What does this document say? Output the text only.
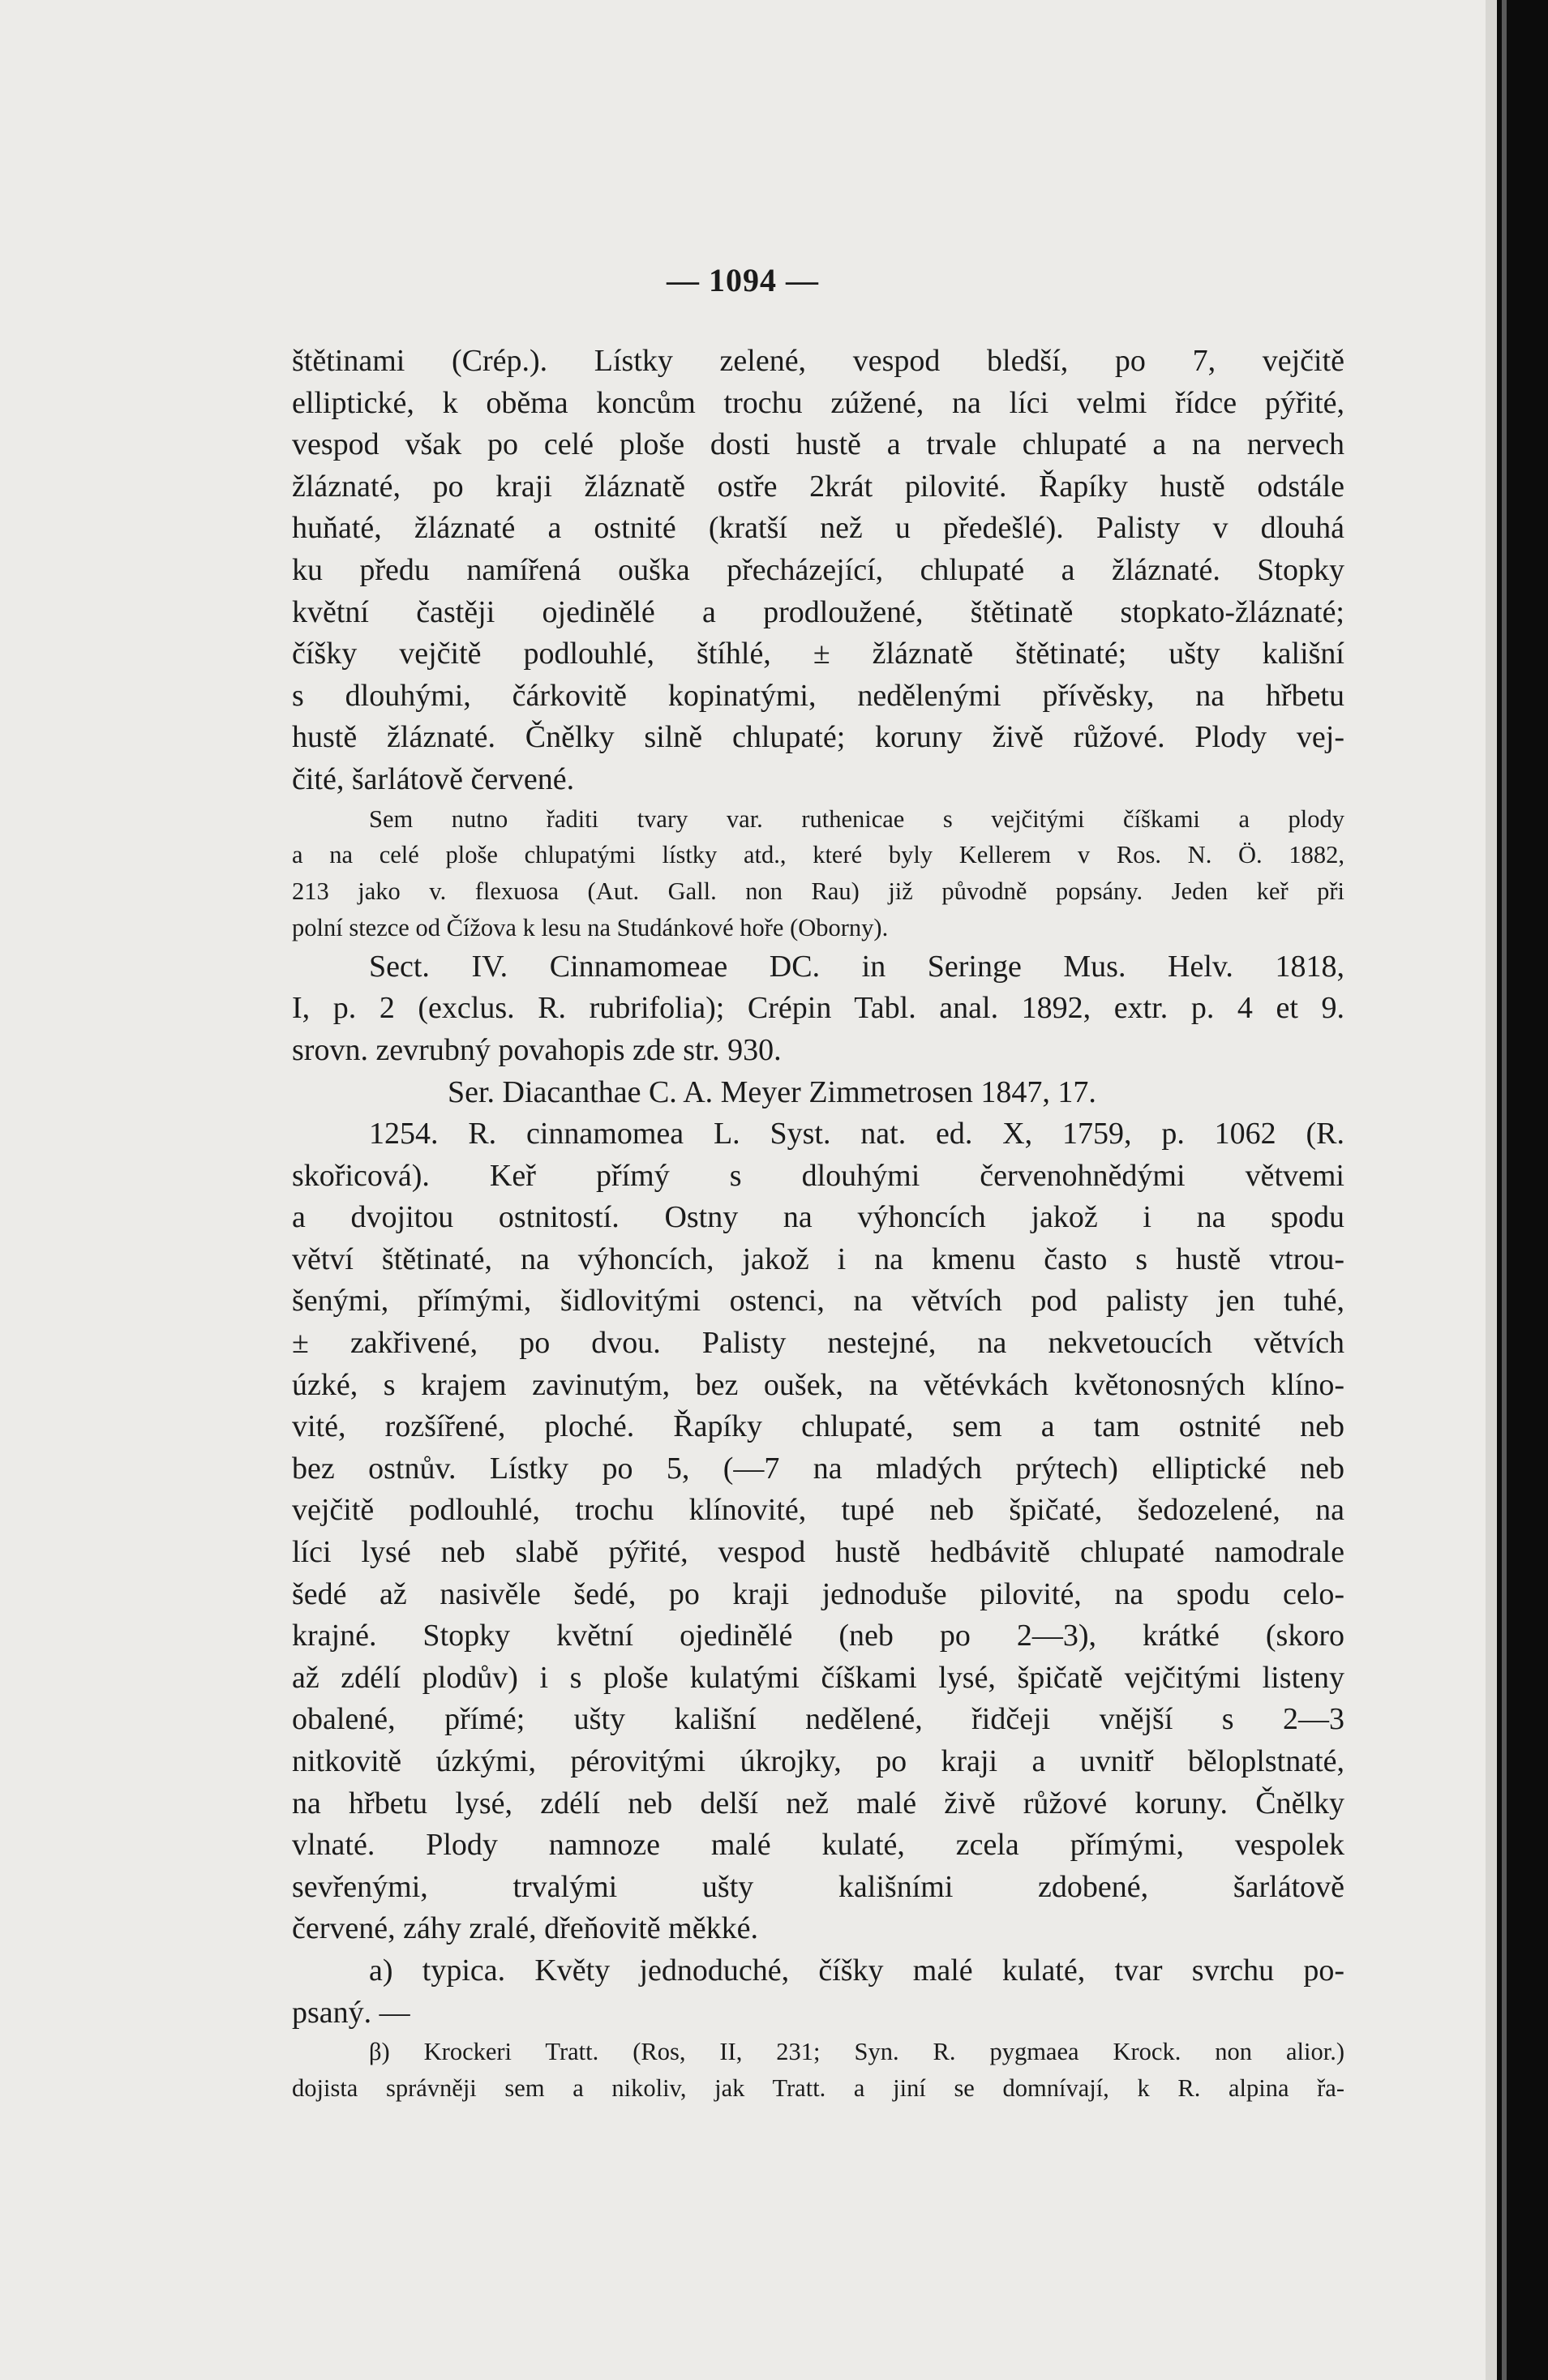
— 1094 —
štětinami (Crép.). Lístky zelené, vespod bledší, po 7, vejčitě
elliptické, k oběma koncům trochu zúžené, na líci velmi řídce pýřité,
vespod však po celé ploše dosti hustě a trvale chlupaté a na nervech
žláznaté, po kraji žláznatě ostře 2krát pilovité. Řapíky hustě odstále
huňaté, žláznaté a ostnité (kratší než u předešlé). Palisty v dlouhá
ku předu namířená ouška přecházející, chlupaté a žláznaté. Stopky
květní častěji ojedinělé a prodloužené, štětinatě stopkato-žláznaté;
číšky vejčitě podlouhlé, štíhlé, ± žláznatě štětinaté; ušty kališní
s dlouhými, čárkovitě kopinatými, nedělenými přívěsky, na hřbetu
hustě žláznaté. Čnělky silně chlupaté; koruny živě růžové. Plody vej-
čité, šarlátově červené.
Sem nutno řaditi tvary var. ruthenicae s vejčitými číškami a plody
a na celé ploše chlupatými lístky atd., které byly Kellerem v Ros. N. Ö. 1882,
213 jako v. flexuosa (Aut. Gall. non Rau) již původně popsány. Jeden keř při
polní stezce od Čížova k lesu na Studánkové hoře (Oborny).
Sect. IV. Cinnamomeae DC. in Seringe Mus. Helv. 1818,
I, p. 2 (exclus. R. rubrifolia); Crépin Tabl. anal. 1892, extr. p. 4 et 9.
srovn. zevrubný povahopis zde str. 930.
Ser. Diacanthae C. A. Meyer Zimmetrosen 1847, 17.
1254. R. cinnamomea L. Syst. nat. ed. X, 1759, p. 1062 (R.
skořicová). Keř přímý s dlouhými červenohnědými větvemi
a dvojitou ostnitostí. Ostny na výhoncích jakož i na spodu
větví štětinaté, na výhoncích, jakož i na kmenu často s hustě vtrou-
šenými, přímými, šidlovitými ostenci, na větvích pod palisty jen tuhé,
± zakřivené, po dvou. Palisty nestejné, na nekvetoucích větvích
úzké, s krajem zavinutým, bez oušek, na větévkách květonosných klíno-
vité, rozšířené, ploché. Řapíky chlupaté, sem a tam ostnité neb
bez ostnův. Lístky po 5, (—7 na mladých prýtech) elliptické neb
vejčitě podlouhlé, trochu klínovité, tupé neb špičaté, šedozelené, na
líci lysé neb slabě pýřité, vespod hustě hedbávitě chlupaté namodrale
šedé až nasivěle šedé, po kraji jednoduše pilovité, na spodu celo-
krajné. Stopky květní ojedinělé (neb po 2—3), krátké (skoro
až zdélí plodův) i s ploše kulatými číškami lysé, špičatě vejčitými listeny
obalené, přímé; ušty kališní nedělené, řidčeji vnější s 2—3
nitkovitě úzkými, pérovitými úkrojky, po kraji a uvnitř běloplstnaté,
na hřbetu lysé, zdélí neb delší než malé živě růžové koruny. Čnělky
vlnaté. Plody namnoze malé kulaté, zcela přímými, vespolek
sevřenými, trvalými ušty kališními zdobené, šarlátově
červené, záhy zralé, dřeňovitě měkké.
a) typica. Květy jednoduché, číšky malé kulaté, tvar svrchu po-
psaný. —
β) Krockeri Tratt. (Ros, II, 231; Syn. R. pygmaea Krock. non alior.)
dojista správněji sem a nikoliv, jak Tratt. a jiní se domnívají, k R. alpina řa-
